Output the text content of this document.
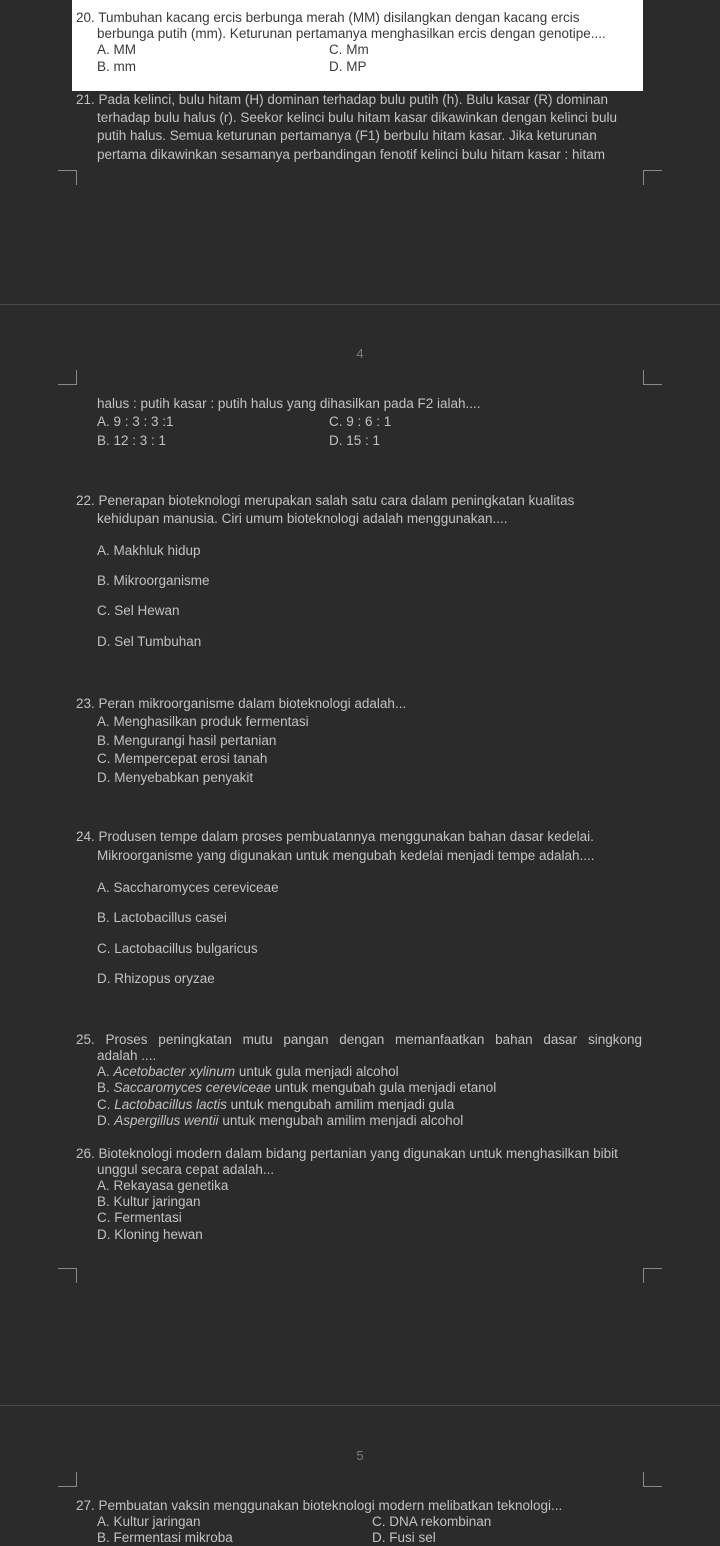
20. Tumbuhan kacang ercis berbunga merah (MM) disilangkan dengan kacang ercis
berbunga putih (mm). Keturunan pertamanya menghasilkan ercis dengan genotipe....
A. MM	C. Mm
B. mm	D. MP
21. Pada kelinci, bulu hitam (H) dominan terhadap bulu putih (h). Bulu kasar (R) dominan
terhadap bulu halus (r). Seekor kelinci bulu hitam kasar dikawinkan dengan kelinci bulu
putih halus. Semua keturunan pertamanya (F1) berbulu hitam kasar. Jika keturunan
pertama dikawinkan sesamanya perbandingan fenotif kelinci bulu hitam kasar : hitam
4
halus : putih kasar : putih halus yang dihasilkan pada F2 ialah....
A. 9 : 3 : 3 :1	C. 9 : 6 : 1
B. 12 : 3 : 1	D. 15 : 1
22. Penerapan bioteknologi merupakan salah satu cara dalam peningkatan kualitas
kehidupan manusia. Ciri umum bioteknologi adalah menggunakan....
A. Makhluk hidup
B. Mikroorganisme
C. Sel Hewan
D. Sel Tumbuhan
23. Peran mikroorganisme dalam bioteknologi adalah...
A. Menghasilkan produk fermentasi
B. Mengurangi hasil pertanian
C. Mempercepat erosi tanah
D. Menyebabkan penyakit
24. Produsen tempe dalam proses pembuatannya menggunakan bahan dasar kedelai.
Mikroorganisme yang digunakan untuk mengubah kedelai menjadi tempe adalah....
A. Saccharomyces cereviceae
B. Lactobacillus casei
C. Lactobacillus bulgaricus
D. Rhizopus oryzae
25. Proses peningkatan mutu pangan dengan memanfaatkan bahan dasar singkong
adalah ....
A. Acetobacter xylinum untuk gula menjadi alcohol
B. Saccaromyces cereviceae untuk mengubah gula menjadi etanol
C. Lactobacillus lactis untuk mengubah amilim menjadi gula
D. Aspergillus wentii untuk mengubah amilim menjadi alcohol
26. Bioteknologi modern dalam bidang pertanian yang digunakan untuk menghasilkan bibit
unggul secara cepat adalah...
A. Rekayasa genetika
B. Kultur jaringan
C. Fermentasi
D. Kloning hewan
5
27. Pembuatan vaksin menggunakan bioteknologi modern melibatkan teknologi...
A. Kultur jaringan	C. DNA rekombinan
B. Fermentasi mikroba	D. Fusi sel
